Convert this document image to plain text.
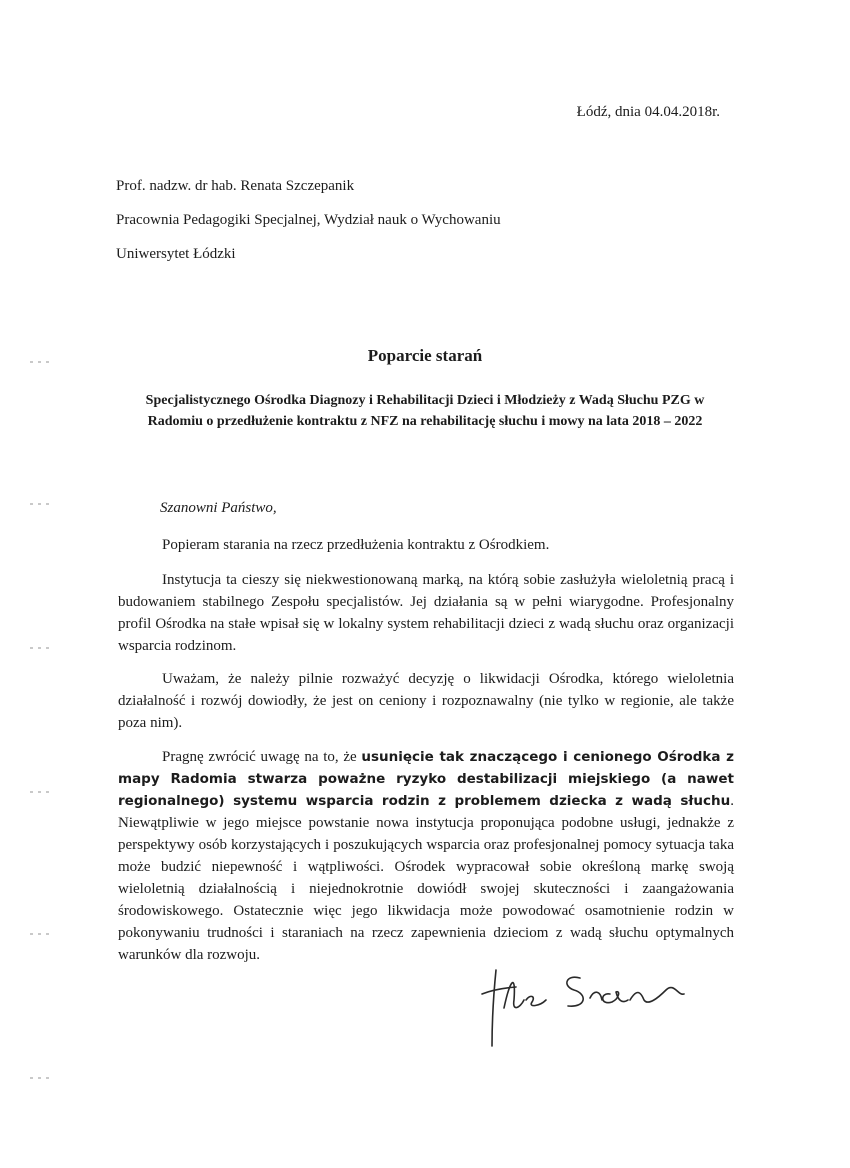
Łódź, dnia 04.04.2018r.
Prof. nadzw. dr hab. Renata Szczepanik
Pracownia Pedagogiki Specjalnej, Wydział nauk o Wychowaniu
Uniwersytet Łódzki
Poparcie starań
Specjalistycznego Ośrodka Diagnozy i Rehabilitacji Dzieci i Młodzieży z Wadą Słuchu PZG w Radomiu o przedłużenie kontraktu z NFZ na rehabilitację słuchu i mowy na lata 2018 – 2022
Szanowni Państwo,

Popieram starania na rzecz przedłużenia kontraktu z Ośrodkiem.

Instytucja ta cieszy się niekwestionowaną marką, na którą sobie zasłużyła wieloletnią pracą i budowaniem stabilnego Zespołu specjalistów. Jej działania są w pełni wiarygodne. Profesjonalny profil Ośrodka na stałe wpisał się w lokalny system rehabilitacji dzieci z wadą słuchu oraz organizacji wsparcia rodzinom.

Uważam, że należy pilnie rozważyć decyzję o likwidacji Ośrodka, którego wieloletnia działalność i rozwój dowiodły, że jest on ceniony i rozpoznawalny (nie tylko w regionie, ale także poza nim).

Pragnę zwrócić uwagę na to, że usunięcie tak znaczącego i cenionego Ośrodka z mapy Radomia stwarza poważne ryzyko destabilizacji miejskiego (a nawet regionalnego) systemu wsparcia rodzin z problemem dziecka z wadą słuchu. Niewątpliwie w jego miejsce powstanie nowa instytucja proponująca podobne usługi, jednakże z perspektywy osób korzystających i poszukujących wsparcia oraz profesjonalnej pomocy sytuacja taka może budzić niepewność i wątpliwości. Ośrodek wypracował sobie określoną markę swoją wieloletnią działalnością i niejednokrotnie dowiódł swojej skuteczności i zaangażowania środowiskowego. Ostatecznie więc jego likwidacja może powodować osamotnienie rodzin w pokonywaniu trudności i staraniach na rzecz zapewnienia dzieciom z wadą słuchu optymalnych warunków dla rozwoju.
